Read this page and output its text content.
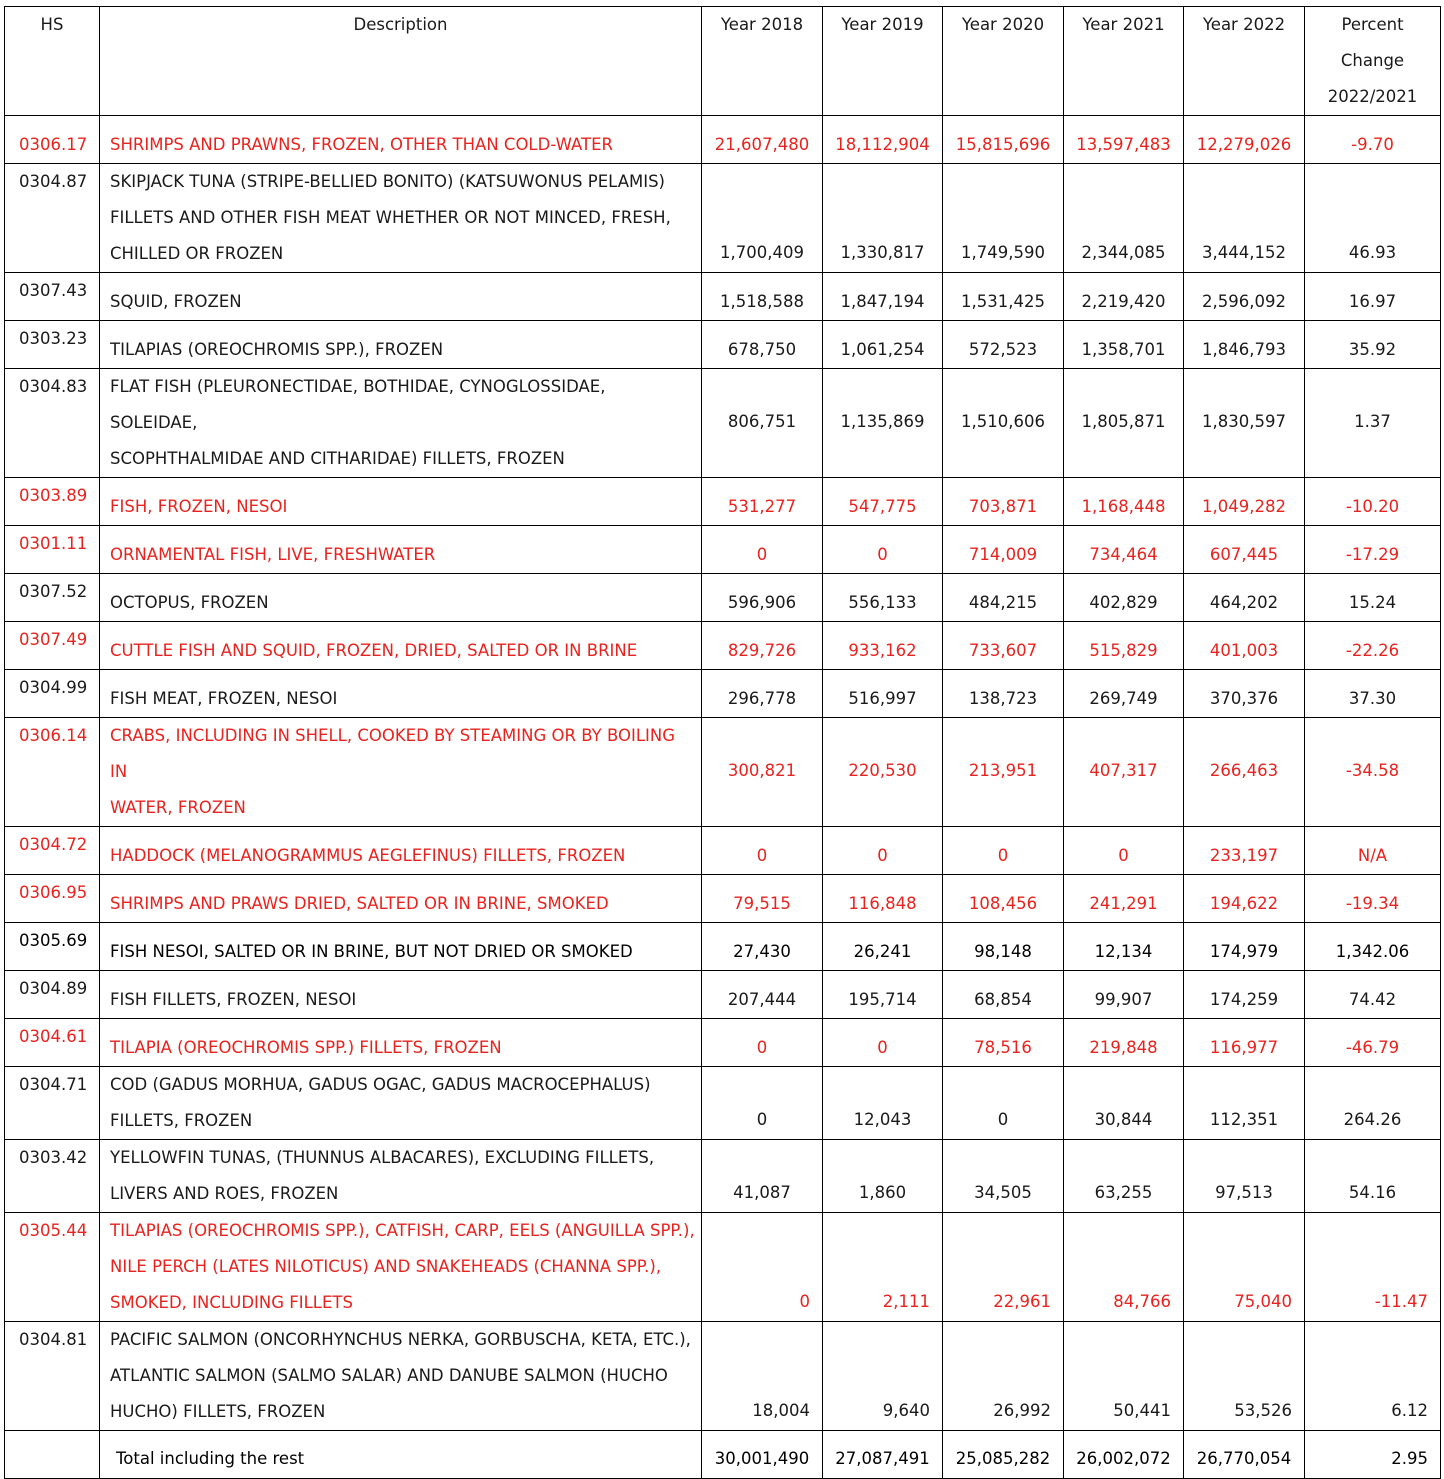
HS	Description	Year 2018	Year 2019	Year 2020	Year 2021	Year 2022	Percent
Change
2022/2021

0306.17	SHRIMPS AND PRAWNS, FROZEN, OTHER THAN COLD-WATER	21,607,480	18,112,904	15,815,696	13,597,483	12,279,026	-9.70

0304.87	SKIPJACK TUNA (STRIPE-BELLIED BONITO) (KATSUWONUS PELAMIS)
FILLETS AND OTHER FISH MEAT WHETHER OR NOT MINCED, FRESH,
CHILLED OR FROZEN	1,700,409	1,330,817	1,749,590	2,344,085	3,444,152	46.93

0307.43	SQUID, FROZEN	1,518,588	1,847,194	1,531,425	2,219,420	2,596,092	16.97

0303.23	TILAPIAS (OREOCHROMIS SPP.), FROZEN	678,750	1,061,254	572,523	1,358,701	1,846,793	35.92

0304.83	FLAT FISH (PLEURONECTIDAE, BOTHIDAE, CYNOGLOSSIDAE, SOLEIDAE,
SCOPHTHALMIDAE AND CITHARIDAE) FILLETS, FROZEN	806,751	1,135,869	1,510,606	1,805,871	1,830,597	1.37

0303.89	FISH, FROZEN, NESOI	531,277	547,775	703,871	1,168,448	1,049,282	-10.20

0301.11	ORNAMENTAL FISH, LIVE, FRESHWATER	0	0	714,009	734,464	607,445	-17.29

0307.52	OCTOPUS, FROZEN	596,906	556,133	484,215	402,829	464,202	15.24

0307.49	CUTTLE FISH AND SQUID, FROZEN, DRIED, SALTED OR IN BRINE	829,726	933,162	733,607	515,829	401,003	-22.26

0304.99	FISH MEAT, FROZEN, NESOI	296,778	516,997	138,723	269,749	370,376	37.30

0306.14	CRABS, INCLUDING IN SHELL, COOKED BY STEAMING OR BY BOILING IN
WATER, FROZEN	300,821	220,530	213,951	407,317	266,463	-34.58

0304.72	HADDOCK (MELANOGRAMMUS AEGLEFINUS) FILLETS, FROZEN	0	0	0	0	233,197	N/A

0306.95	SHRIMPS AND PRAWS DRIED, SALTED OR IN BRINE, SMOKED	79,515	116,848	108,456	241,291	194,622	-19.34

0305.69	FISH NESOI, SALTED OR IN BRINE, BUT NOT DRIED OR SMOKED	27,430	26,241	98,148	12,134	174,979	1,342.06

0304.89	FISH FILLETS, FROZEN, NESOI	207,444	195,714	68,854	99,907	174,259	74.42

0304.61	TILAPIA (OREOCHROMIS SPP.) FILLETS, FROZEN	0	0	78,516	219,848	116,977	-46.79

0304.71	COD (GADUS MORHUA, GADUS OGAC, GADUS MACROCEPHALUS)
FILLETS, FROZEN	0	12,043	0	30,844	112,351	264.26

0303.42	YELLOWFIN TUNAS, (THUNNUS ALBACARES), EXCLUDING FILLETS,
LIVERS AND ROES, FROZEN	41,087	1,860	34,505	63,255	97,513	54.16

0305.44	TILAPIAS (OREOCHROMIS SPP.), CATFISH, CARP, EELS (ANGUILLA SPP.),
NILE PERCH (LATES NILOTICUS) AND SNAKEHEADS (CHANNA SPP.),
SMOKED, INCLUDING FILLETS	0	2,111	22,961	84,766	75,040	-11.47

0304.81	PACIFIC SALMON (ONCORHYNCHUS NERKA, GORBUSCHA, KETA, ETC.),
ATLANTIC SALMON (SALMO SALAR) AND DANUBE SALMON (HUCHO
HUCHO) FILLETS, FROZEN	18,004	9,640	26,992	50,441	53,526	6.12

	Total including the rest	30,001,490	27,087,491	25,085,282	26,002,072	26,770,054	2.95
